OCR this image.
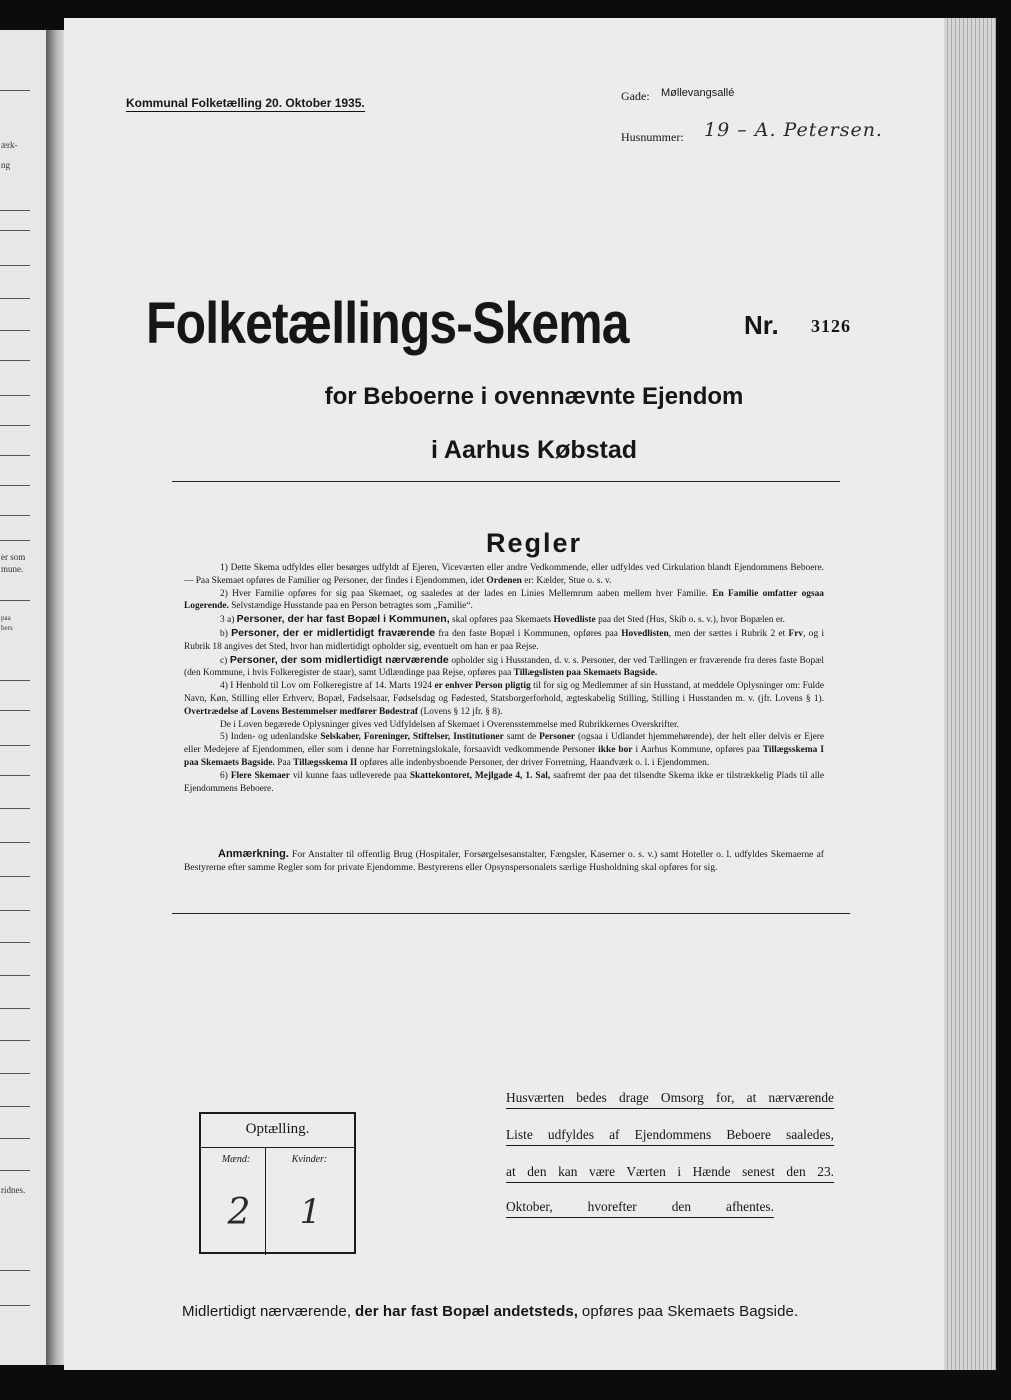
ærk-
ng
er som
mune.
paa
bers
ridnes.
Kommunal Folketælling 20. Oktober 1935.	Gade: Møllevangsallé
Husnummer: 19 – A. Petersen.
Folketællings-Skema	Nr. 3126
for Beboerne i ovennævnte Ejendom
i Aarhus Købstad
Regler

1) Dette Skema udfyldes eller besørges udfyldt af Ejeren, Viceværten eller andre Vedkommende, eller udfyldes ved Cirkulation blandt Ejendommens Beboere. — Paa Skemaet opføres de Familier og Personer, der findes i Ejendommen, idet Ordenen er: Kælder, Stue o. s. v.

2) Hver Familie opføres for sig paa Skemaet, og saaledes at der lades en Linies Mellemrum aaben mellem hver Familie. En Familie omfatter ogsaa Logerende. Selvstændige Husstande paa en Person betragtes som „Familie“.

3 a) Personer, der har fast Bopæl i Kommunen, skal opføres paa Skemaets Hovedliste paa det Sted (Hus, Skib o. s. v.), hvor Bopælen er.

b) Personer, der er midlertidigt fraværende fra den faste Bopæl i Kommunen, opføres paa Hovedlisten, men der sættes i Rubrik 2 et Frv, og i Rubrik 18 angives det Sted, hvor han midlertidigt opholder sig, eventuelt om han er paa Rejse.

c) Personer, der som midlertidigt nærværende opholder sig i Husstanden, d. v. s. Personer, der ved Tællingen er fraværende fra deres faste Bopæl (den Kommune, i hvis Folkeregister de staar), samt Udlændinge paa Rejse, opføres paa Tillægslisten paa Skemaets Bagside.

4) I Henhold til Lov om Folkeregistre af 14. Marts 1924 er enhver Person pligtig til for sig og Medlemmer af sin Husstand, at meddele Oplysninger om: Fulde Navn, Køn, Stilling eller Erhverv, Bopæl, Fødselsaar, Fødselsdag og Fødested, Statsborgerforhold, ægteskabelig Stilling, Stilling i Husstanden m. v. (jfr. Lovens § 1). Overtrædelse af Lovens Bestemmelser medfører Bødestraf (Lovens § 12 jfr. § 8).

De i Loven begærede Oplysninger gives ved Udfyldelsen af Skemaet i Overensstemmelse med Rubrikkernes Overskrifter.

5) Inden- og udenlandske Selskaber, Foreninger, Stiftelser, Institutioner samt de Personer (ogsaa i Udlandet hjemmehørende), der helt eller delvis er Ejere eller Medejere af Ejendommen, eller som i denne har Forretningslokale, forsaavidt vedkommende Personer ikke bor i Aarhus Kommune, opføres paa Tillægsskema I paa Skemaets Bagside. Paa Tillægsskema II opføres alle indenbysboende Personer, der driver Forretning, Haandværk o. l. i Ejendommen.

6) Flere Skemaer vil kunne faas udleverede paa Skattekontoret, Mejlgade 4, 1. Sal, saafremt der paa det tilsendte Skema ikke er tilstrækkelig Plads til alle Ejendommens Beboere.

Anmærkning. For Anstalter til offentlig Brug (Hospitaler, Forsørgelsesanstalter, Fængsler, Kaserner o. s. v.) samt Hoteller o. l. udfyldes Skemaerne af Bestyrerne efter samme Regler som for private Ejendomme. Bestyrerens eller Opsynspersonalets særlige Husholdning skal opføres for sig.

Optælling.
Mænd:	Kvinder:
2	1
Husværten bedes drage Omsorg for, at nærværende
Liste udfyldes af Ejendommens Beboere saaledes,
at den kan være Værten i Hænde senest den 23.
Oktober, hvorefter den afhentes.
Midlertidigt nærværende, der har fast Bopæl andetsteds, opføres paa Skemaets Bagside.
